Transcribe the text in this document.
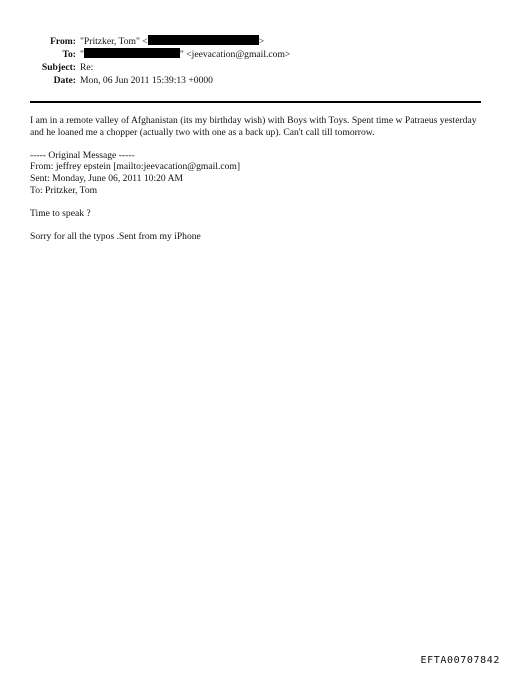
From: "Pritzker, Tom" <	>
To: "	" <jeevacation@gmail.com>
Subject: Re:
Date: Mon, 06 Jun 2011 15:39:13 +0000

I am in a remote valley of Afghanistan (its my birthday wish) with Boys with Toys. Spent time w Patraeus yesterday and he loaned me a chopper (actually two with one as a back up). Can't call till tomorrow.

----- Original Message -----

From: jeffrey epstein [mailto:jeevacation@gmail.com]

Sent: Monday, June 06, 2011 10:20 AM

To: Pritzker, Tom

Time to speak ?

Sorry for all the typos .Sent from my iPhone

EFTA00707842
